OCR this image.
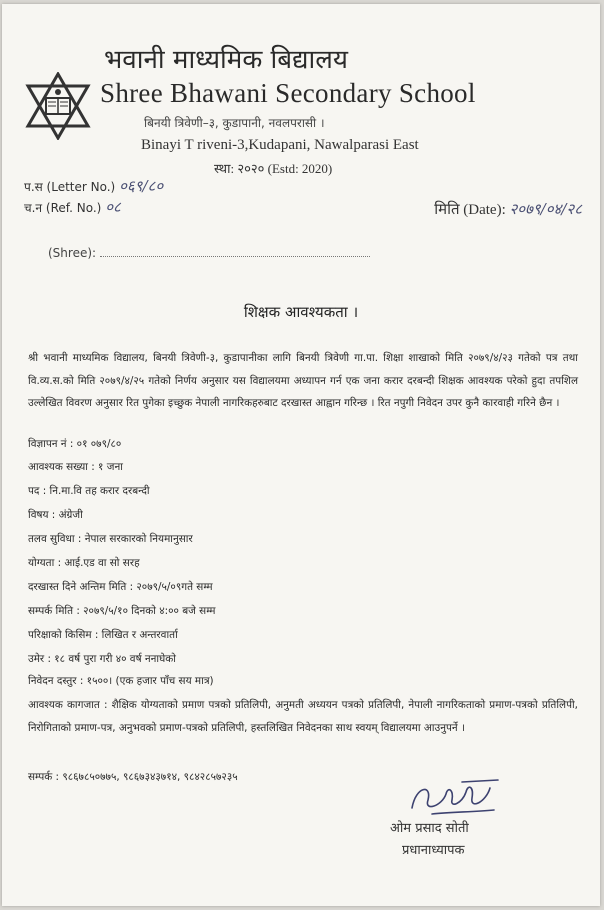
भवानी माध्यमिक बिद्यालय
Shree Bhawani Secondary School
बिनयी त्रिवेणी–३, कुडापानी, नवलपरासी ।
Binayi T riveni-3,Kudapani, Nawalparasi East
स्था: २०२० (Estd: 2020)
प.स (Letter No.) ०६९/८०
च.न (Ref. No.) ०८	मिति (Date): २०७९/०४/२८
(Shree):
शिक्षक आवश्यकता ।
श्री भवानी माध्यमिक विद्यालय, बिनयी त्रिवेणी-३, कुडापानीका लागि बिनयी त्रिवेणी गा.पा. शिक्षा शाखाको मिति २०७९/४/२३ गतेको पत्र तथा वि.व्य.स.को मिति २०७९/४/२५ गतेको निर्णय अनुसार यस विद्यालयमा अध्यापन गर्न एक जना करार दरबन्दी शिक्षक आवश्यक परेको हुदा तपशिल उल्लेखित विवरण अनुसार रित पुगेका इच्छुक नेपाली नागरिकहरुबाट दरखास्त आह्वान गरिन्छ । रित नपुगी निवेदन उपर कुनै कारवाही गरिने छैन ।
विज्ञापन नं : ०१ ०७९/८०
आवश्यक सख्या : १ जना
पद : नि.मा.वि तह करार दरबन्दी
विषय : अंग्रेजी
तलव सुविधा : नेपाल सरकारको नियमानुसार
योग्यता : आई.एड वा सो सरह
दरखास्त दिने अन्तिम मिति : २०७९/५/०९गते सम्म
सम्पर्क मिति : २०७९/५/१० दिनको ४:०० बजे सम्म
परिक्षाको किसिम : लिखित र अन्तरवार्ता
उमेर : १८ वर्ष पुरा गरी ४० वर्ष ननाघेको
निवेदन दस्तुर : १५००। (एक हजार पाँच सय मात्र)
आवश्यक कागजात : शैक्षिक योग्यताको प्रमाण पत्रको प्रतिलिपी, अनुमती अध्ययन पत्रको प्रतिलिपी, नेपाली नागरिकताको प्रमाण-पत्रको प्रतिलिपी, निरोगिताको प्रमाण-पत्र, अनुभवको प्रमाण-पत्रको प्रतिलिपी, हस्तलिखित निवेदनका साथ स्वयम् विद्यालयमा आउनुपर्ने ।
सम्पर्क : ९८६७८५०७७५, ९८६७३४३७१४, ९८४२८५७२३५
ओम प्रसाद सोती
प्रधानाध्यापक
